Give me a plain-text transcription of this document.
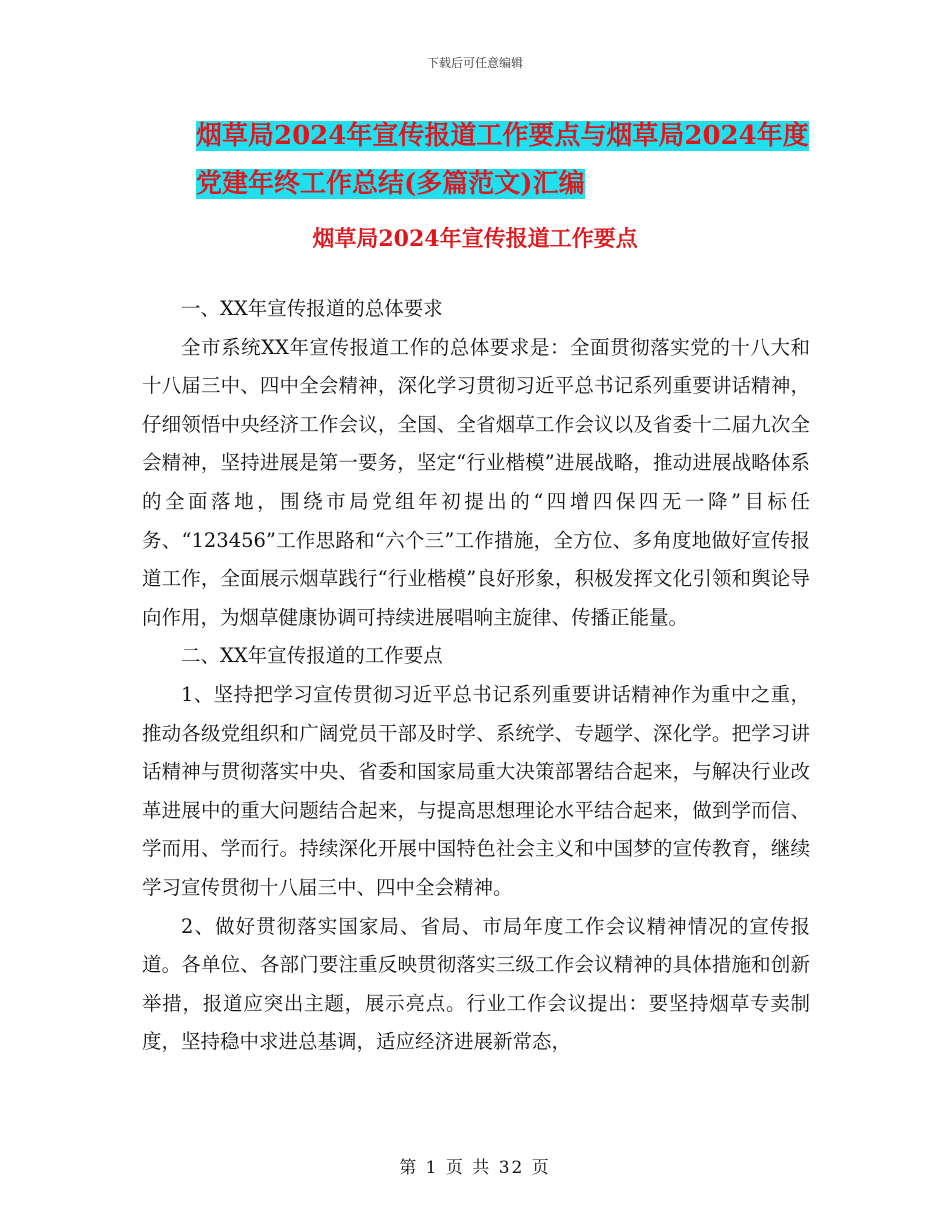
下载后可任意编辑
烟草局2024年宣传报道工作要点与烟草局2024年度
党建年终工作总结(多篇范文)汇编
烟草局2024年宣传报道工作要点

一、XX年宣传报道的总体要求

全市系统XX年宣传报道工作的总体要求是：全面贯彻落实党的十八大和十八届三中、四中全会精神，深化学习贯彻习近平总书记系列重要讲话精神，仔细领悟中央经济工作会议，全国、全省烟草工作会议以及省委十二届九次全会精神，坚持进展是第一要务，坚定“行业楷模”进展战略，推动进展战略体系的全面落地，围绕市局党组年初提出的“四增四保四无一降”目标任务、“123456”工作思路和“六个三”工作措施，全方位、多角度地做好宣传报道工作，全面展示烟草践行“行业楷模”良好形象，积极发挥文化引领和舆论导向作用，为烟草健康协调可持续进展唱响主旋律、传播正能量。

二、XX年宣传报道的工作要点

1、坚持把学习宣传贯彻习近平总书记系列重要讲话精神作为重中之重，推动各级党组织和广阔党员干部及时学、系统学、专题学、深化学。把学习讲话精神与贯彻落实中央、省委和国家局重大决策部署结合起来，与解决行业改革进展中的重大问题结合起来，与提高思想理论水平结合起来，做到学而信、学而用、学而行。持续深化开展中国特色社会主义和中国梦的宣传教育，继续学习宣传贯彻十八届三中、四中全会精神。

2、做好贯彻落实国家局、省局、市局年度工作会议精神情况的宣传报道。各单位、各部门要注重反映贯彻落实三级工作会议精神的具体措施和创新举措，报道应突出主题，展示亮点。行业工作会议提出：要坚持烟草专卖制度，坚持稳中求进总基调，适应经济进展新常态，

第 1 页 共 32 页
